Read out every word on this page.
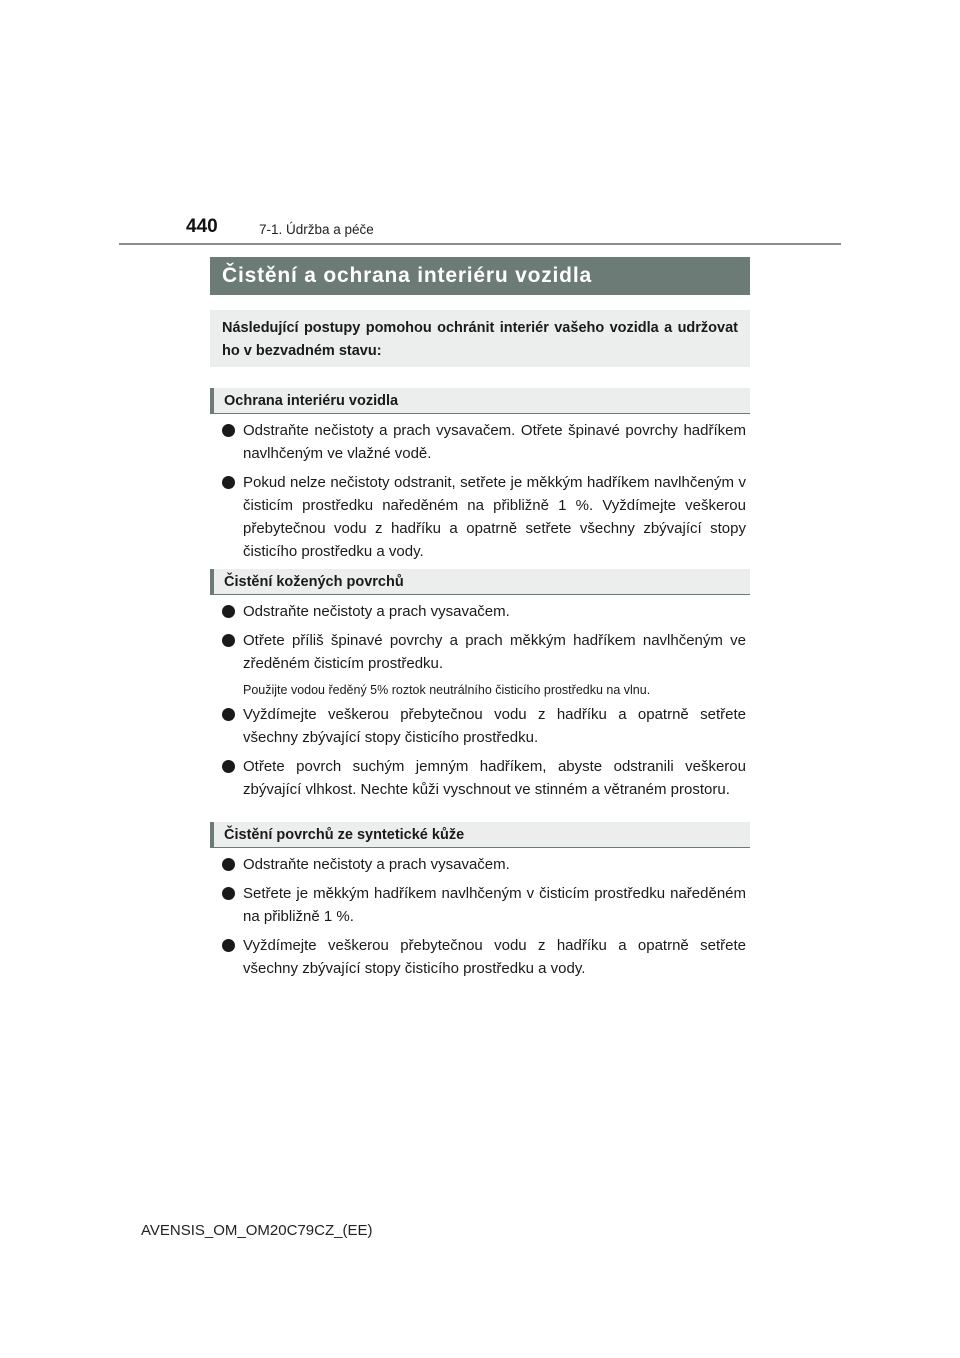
440	7-1. Údržba a péče
Čistění a ochrana interiéru vozidla
Následující postupy pomohou ochránit interiér vašeho vozidla a udržovat ho v bezvadném stavu:
Ochrana interiéru vozidla
Odstraňte nečistoty a prach vysavačem. Otřete špinavé povrchy hadříkem navlhčeným ve vlažné vodě.
Pokud nelze nečistoty odstranit, setřete je měkkým hadříkem navlhčeným v čisticím prostředku naředěném na přibližně 1 %. Vyždímejte veškerou přebytečnou vodu z hadříku a opatrně setřete všechny zbývající stopy čisticího prostředku a vody.
Čistění kožených povrchů
Odstraňte nečistoty a prach vysavačem.
Otřete příliš špinavé povrchy a prach měkkým hadříkem navlhčeným ve zředěném čisticím prostředku.
Použijte vodou ředěný 5% roztok neutrálního čisticího prostředku na vlnu.
Vyždímejte veškerou přebytečnou vodu z hadříku a opatrně setřete všechny zbývající stopy čisticího prostředku.
Otřete povrch suchým jemným hadříkem, abyste odstranili veškerou zbývající vlhkost. Nechte kůži vyschnout ve stinném a větraném prostoru.
Čistění povrchů ze syntetické kůže
Odstraňte nečistoty a prach vysavačem.
Setřete je měkkým hadříkem navlhčeným v čisticím prostředku naředěném na přibližně 1 %.
Vyždímejte veškerou přebytečnou vodu z hadříku a opatrně setřete všechny zbývající stopy čisticího prostředku a vody.
AVENSIS_OM_OM20C79CZ_(EE)
